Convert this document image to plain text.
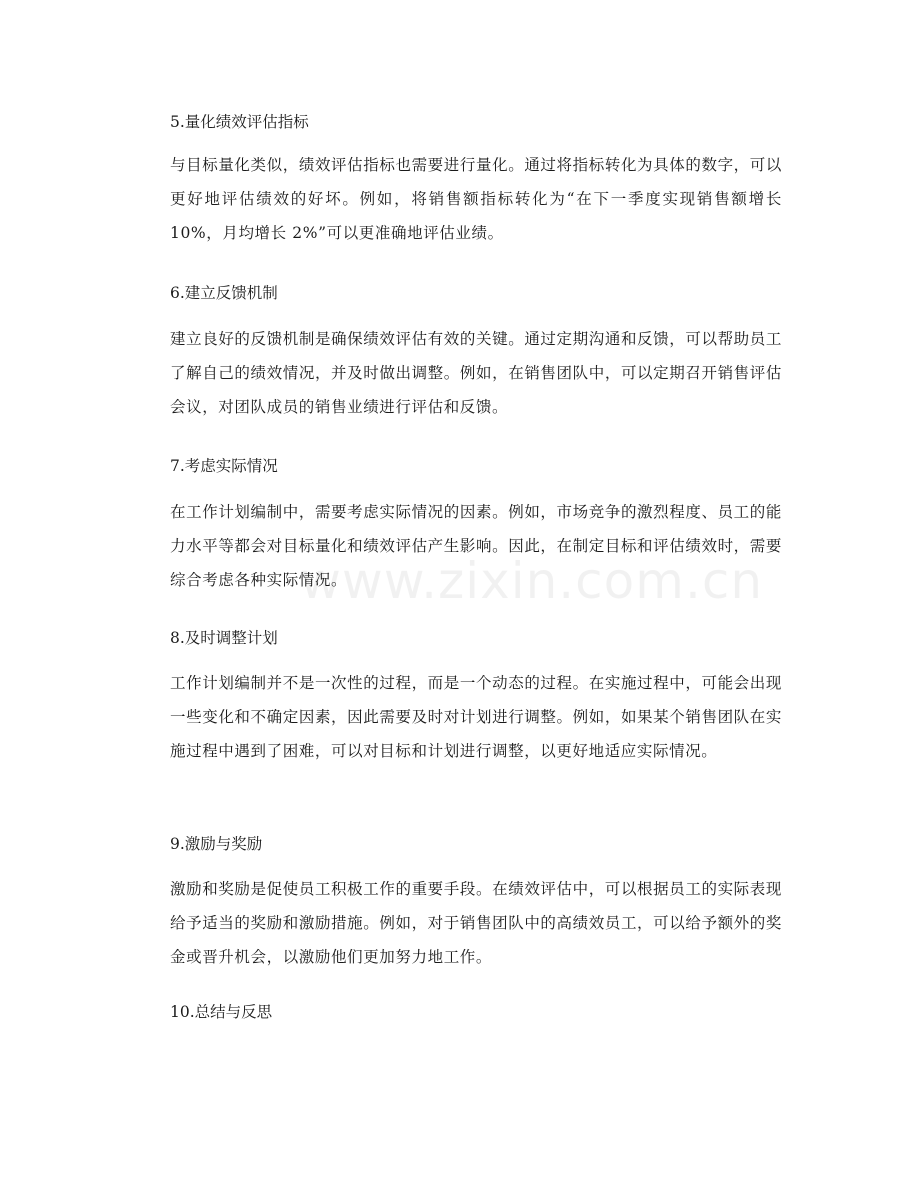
5.量化绩效评估指标
与目标量化类似，绩效评估指标也需要进行量化。通过将指标转化为具体的数字，可以更好地评估绩效的好坏。例如，将销售额指标转化为“在下一季度实现销售额增长 10%，月均增长 2%”可以更准确地评估业绩。
6.建立反馈机制
建立良好的反馈机制是确保绩效评估有效的关键。通过定期沟通和反馈，可以帮助员工了解自己的绩效情况，并及时做出调整。例如，在销售团队中，可以定期召开销售评估会议，对团队成员的销售业绩进行评估和反馈。
7.考虑实际情况
在工作计划编制中，需要考虑实际情况的因素。例如，市场竞争的激烈程度、员工的能力水平等都会对目标量化和绩效评估产生影响。因此，在制定目标和评估绩效时，需要综合考虑各种实际情况。
8.及时调整计划
工作计划编制并不是一次性的过程，而是一个动态的过程。在实施过程中，可能会出现一些变化和不确定因素，因此需要及时对计划进行调整。例如，如果某个销售团队在实施过程中遇到了困难，可以对目标和计划进行调整，以更好地适应实际情况。
9.激励与奖励
激励和奖励是促使员工积极工作的重要手段。在绩效评估中，可以根据员工的实际表现给予适当的奖励和激励措施。例如，对于销售团队中的高绩效员工，可以给予额外的奖金或晋升机会，以激励他们更加努力地工作。
10.总结与反思
www.zixin.com.cn
